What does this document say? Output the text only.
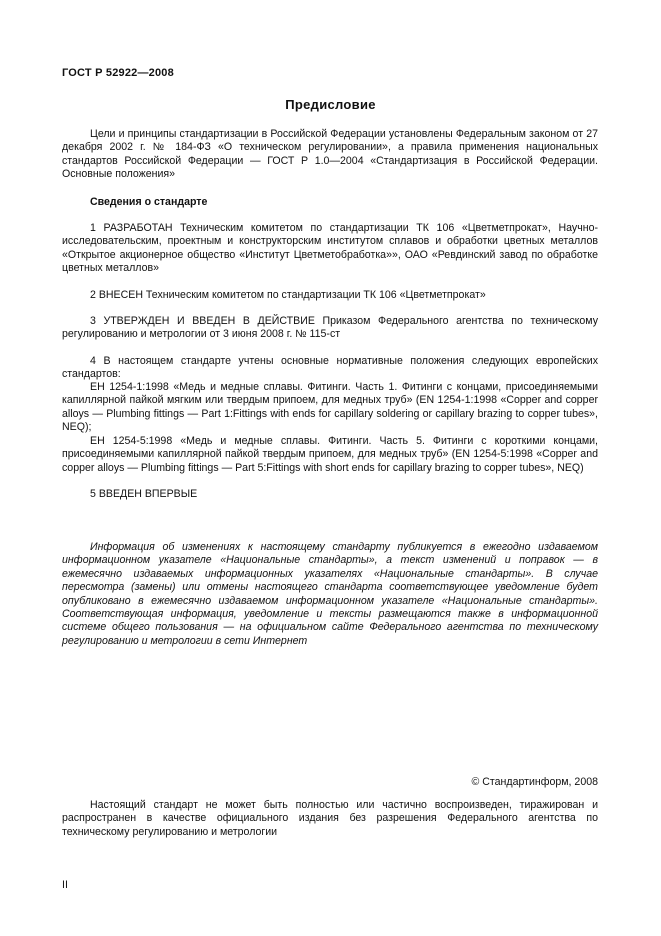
ГОСТ Р 52922—2008
Предисловие

Цели и принципы стандартизации в Российской Федерации установлены Федеральным законом от 27 декабря 2002 г. № 184-ФЗ «О техническом регулировании», а правила применения национальных стандартов Российской Федерации — ГОСТ Р 1.0—2004 «Стандартизация в Российской Федерации. Основные положения»

Сведения о стандарте

1 РАЗРАБОТАН Техническим комитетом по стандартизации ТК 106 «Цветметпрокат», Научно-исследовательским, проектным и конструкторским институтом сплавов и обработки цветных металлов «Открытое акционерное общество «Институт Цветметобработка»», ОАО «Ревдинский завод по обработке цветных металлов»

2 ВНЕСЕН Техническим комитетом по стандартизации ТК 106 «Цветметпрокат»

3 УТВЕРЖДЕН И ВВЕДЕН В ДЕЙСТВИЕ Приказом Федерального агентства по техническому регулированию и метрологии от 3 июня 2008 г. № 115-ст

4 В настоящем стандарте учтены основные нормативные положения следующих европейских стандартов:

EH 1254-1:1998 «Медь и медные сплавы. Фитинги. Часть 1. Фитинги с концами, присоединяемыми капиллярной пайкой мягким или твердым припоем, для медных труб» (EN 1254-1:1998 «Copper and copper alloys — Plumbing fittings — Part 1:Fittings with ends for capillary soldering or capillary brazing to copper tubes», NEQ);

EH 1254-5:1998 «Медь и медные сплавы. Фитинги. Часть 5. Фитинги с короткими концами, присоединяемыми капиллярной пайкой твердым припоем, для медных труб» (EN 1254-5:1998 «Copper and copper alloys — Plumbing fittings — Part 5:Fittings with short ends for capillary brazing to copper tubes», NEQ)

5 ВВЕДЕН ВПЕРВЫЕ

Информация об изменениях к настоящему стандарту публикуется в ежегодно издаваемом информационном указателе «Национальные стандарты», а текст изменений и поправок — в ежемесячно издаваемых информационных указателях «Национальные стандарты». В случае пересмотра (замены) или отмены настоящего стандарта соответствующее уведомление будет опубликовано в ежемесячно издаваемом информационном указателе «Национальные стандарты». Соответствующая информация, уведомление и тексты размещаются также в информационной системе общего пользования — на официальном сайте Федерального агентства по техническому регулированию и метрологии в сети Интернет

© Стандартинформ, 2008

Настоящий стандарт не может быть полностью или частично воспроизведен, тиражирован и распространен в качестве официального издания без разрешения Федерального агентства по техническому регулированию и метрологии

II
